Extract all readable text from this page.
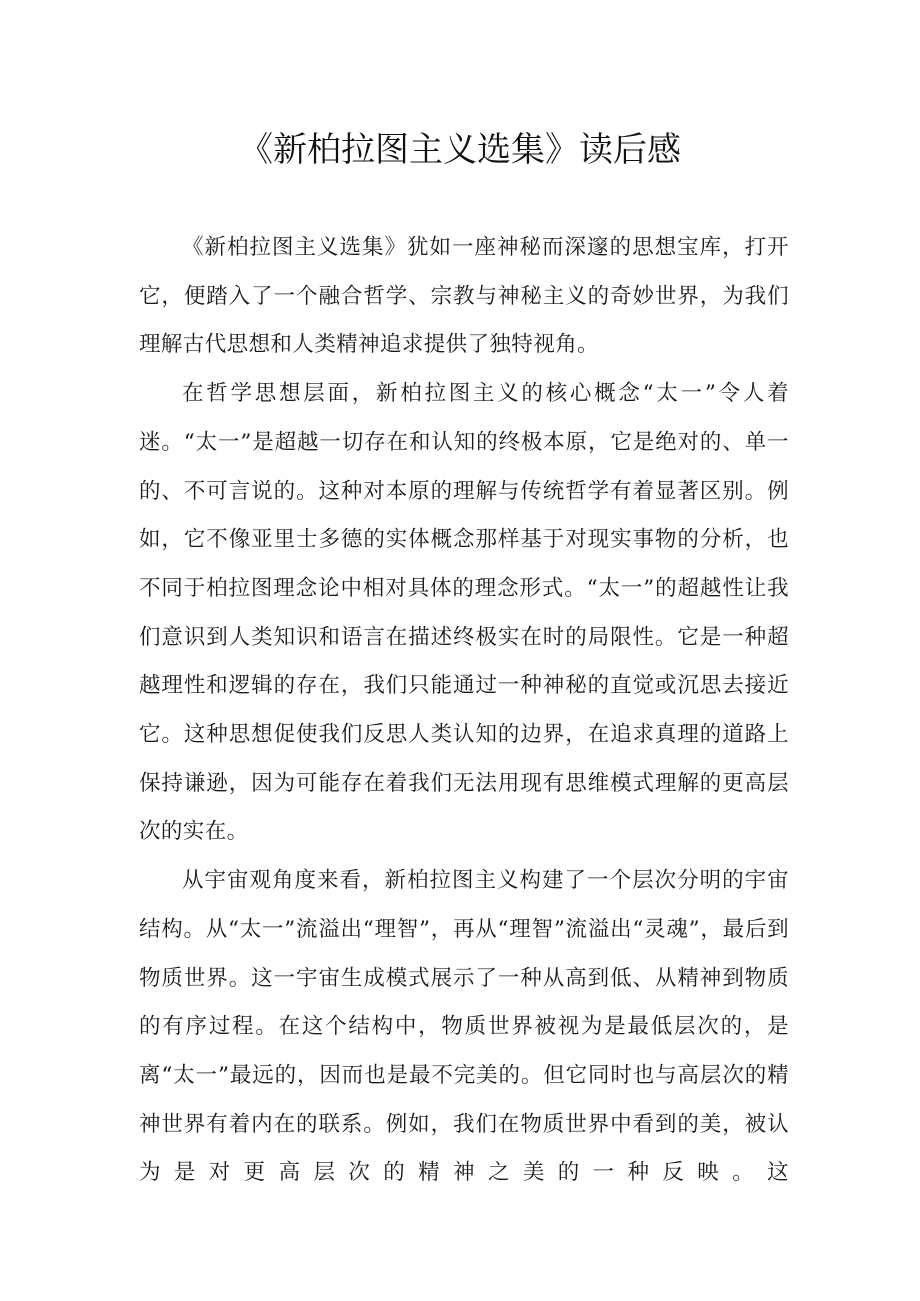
《新柏拉图主义选集》读后感

《新柏拉图主义选集》犹如一座神秘而深邃的思想宝库，打开它，便踏入了一个融合哲学、宗教与神秘主义的奇妙世界，为我们理解古代思想和人类精神追求提供了独特视角。

在哲学思想层面，新柏拉图主义的核心概念“太一”令人着迷。“太一”是超越一切存在和认知的终极本原，它是绝对的、单一的、不可言说的。这种对本原的理解与传统哲学有着显著区别。例如，它不像亚里士多德的实体概念那样基于对现实事物的分析，也不同于柏拉图理念论中相对具体的理念形式。“太一”的超越性让我们意识到人类知识和语言在描述终极实在时的局限性。它是一种超越理性和逻辑的存在，我们只能通过一种神秘的直觉或沉思去接近它。这种思想促使我们反思人类认知的边界，在追求真理的道路上保持谦逊，因为可能存在着我们无法用现有思维模式理解的更高层次的实在。

从宇宙观角度来看，新柏拉图主义构建了一个层次分明的宇宙结构。从“太一”流溢出“理智”，再从“理智”流溢出“灵魂”，最后到物质世界。这一宇宙生成模式展示了一种从高到低、从精神到物质的有序过程。在这个结构中，物质世界被视为是最低层次的，是离“太一”最远的，因而也是最不完美的。但它同时也与高层次的精神世界有着内在的联系。例如，我们在物质世界中看到的美，被认为是对更高层次的精神之美的一种反映。这
